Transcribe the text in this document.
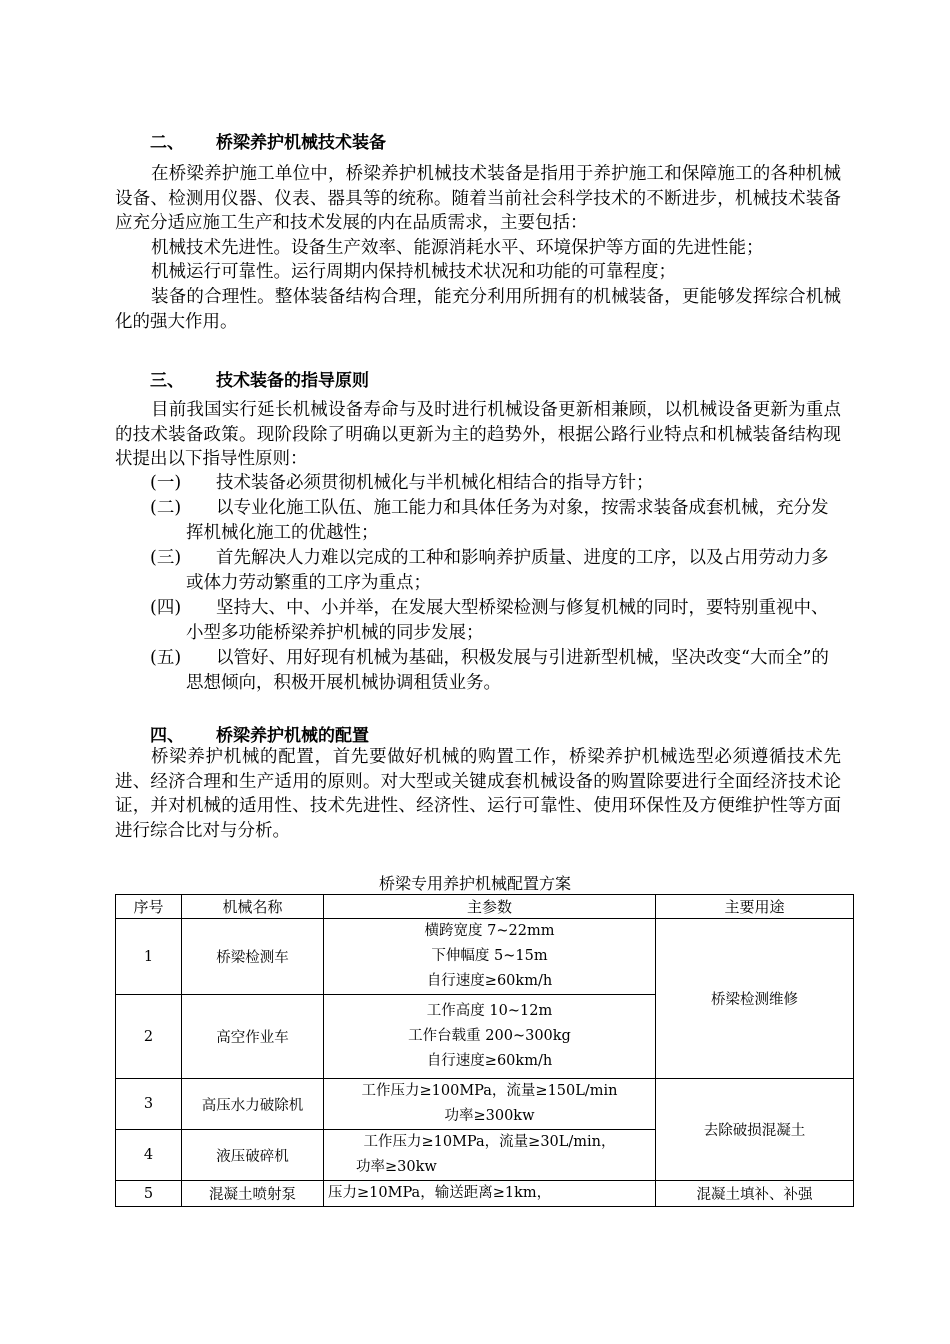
二、 桥梁养护机械技术装备

在桥梁养护施工单位中，桥梁养护机械技术装备是指用于养护施工和保障施工的各种机械设备、检测用仪器、仪表、器具等的统称。随着当前社会科学技术的不断进步，机械技术装备应充分适应施工生产和技术发展的内在品质需求，主要包括：

机械技术先进性。设备生产效率、能源消耗水平、环境保护等方面的先进性能；

机械运行可靠性。运行周期内保持机械技术状况和功能的可靠程度；

装备的合理性。整体装备结构合理，能充分利用所拥有的机械装备，更能够发挥综合机械化的强大作用。

三、 技术装备的指导原则

目前我国实行延长机械设备寿命与及时进行机械设备更新相兼顾，以机械设备更新为重点的技术装备政策。现阶段除了明确以更新为主的趋势外，根据公路行业特点和机械装备结构现状提出以下指导性原则：

(一)	技术装备必须贯彻机械化与半机械化相结合的指导方针；
(二)	以专业化施工队伍、施工能力和具体任务为对象，按需求装备成套机械，充分发挥机械化施工的优越性；
(三)	首先解决人力难以完成的工种和影响养护质量、进度的工序，以及占用劳动力多或体力劳动繁重的工序为重点；
(四)	坚持大、中、小并举，在发展大型桥梁检测与修复机械的同时，要特别重视中、小型多功能桥梁养护机械的同步发展；
(五)	以管好、用好现有机械为基础，积极发展与引进新型机械，坚决改变“大而全”的思想倾向，积极开展机械协调租赁业务。
四、 桥梁养护机械的配置

桥梁养护机械的配置，首先要做好机械的购置工作，桥梁养护机械选型必须遵循技术先进、经济合理和生产适用的原则。对大型或关键成套机械设备的购置除要进行全面经济技术论证，并对机械的适用性、技术先进性、经济性、运行可靠性、使用环保性及方便维护性等方面进行综合比对与分析。

桥梁专用养护机械配置方案
序号	机械名称	主参数	主要用途
1	桥梁检测车	横跨宽度 7~22mm
下伸幅度 5~15m
自行速度≥60km/h	桥梁检测维修
2	高空作业车	工作高度 10~12m
工作台载重 200~300kg
自行速度≥60km/h	

3	高压水力破除机	工作压力≥100MPa，流量≥150L/min
功率≥300kw	去除破损混凝土
4	液压破碎机	工作压力≥10MPa，流量≥30L/min，
功率≥30kw	

5	混凝土喷射泵	压力≥10MPa，输送距离≥1km，	混凝土填补、补强
